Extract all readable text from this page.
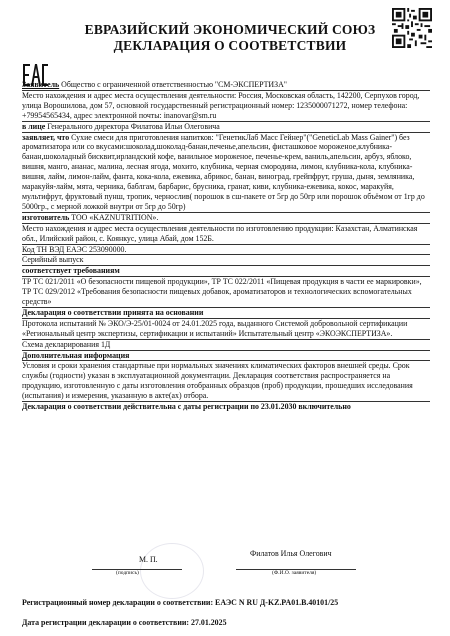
ЕВРАЗИЙСКИЙ ЭКОНОМИЧЕСКИЙ СОЮЗ
ДЕКЛАРАЦИЯ О СООТВЕТСТВИИ
Заявитель Общество с ограниченной ответственностью "СМ-ЭКСПЕРТИЗА"
Место нахождения и адрес места осуществления деятельности: Россия, Московская область, 142200, Серпухов город, улица Ворошилова, дом 57, основной государственный регистрационный номер: 1235000071272, номер телефона: +79954565434, адрес электронной почты: inanovar@sm.ru
в лице Генерального директора Филатова Ильи Олеговича
заявляет, что Сухие смеси для приготовления напитков: "ГенетикЛаб Масс Гейнер"("GeneticLab Mass Gainer") без ароматизатора или со вкусами:шоколад,шоколад-банан,печенье,апельсин, фисташковое мороженое,клубника-банан,шоколадный бисквит,ирландский кофе, ванильное мороженое, печенье-крем, ваниль,апельсин, арбуз, яблоко, вишня, манго, ананас, малина, лесная ягода, мохито, клубника, черная смородина, лимон, клубника-кола, клубника-вишня, лайм, лимон-лайм, фанта, кока-кола, ежевика, абрикос, банан, виноград, грейпфрут, груша, дыня, земляника, маракуйя-лайм, мята, черника, баблгам, барбарис, брусника, гранат, киви, клубника-ежевика, кокос, маракуйя, мультифрут, фруктовый пунш, тропик, чернослив( порошок в сш-пакете от 5гр до 50гр или порошок объёмом от 1гр до 5000гр., с мерной ложкой внутри от 5гр до 50гр)
изготовитель ТОО «KAZNUTRITION».
Место нахождения и адрес места осуществления деятельности по изготовлению продукции: Казахстан, Алматинская обл., Илийский район, с. Коянкус, улица Абай, дом 152Б.
Код ТН ВЭД ЕАЭС 253090000.
Серийный выпуск
соответствует требованиям
ТР ТС 021/2011 «О безопасности пищевой продукции», ТР ТС 022/2011 «Пищевая продукция в части ее маркировки», ТР ТС 029/2012 «Требования безопасности пищевых добавок, ароматизаторов и технологических вспомогательных средств»
Декларация о соответствии принята на основании
Протокола испытаний № ЭКО/Э-25/01-0024 от 24.01.2025 года, выданного Системой добровольной сертификации «Региональный центр экспертизы, сертификации и испытаний» Испытательный центр «ЭКОЭКСПЕРТИЗА».
Схема декларирования 1Д
Дополнительная информация
Условия и сроки хранения стандартные при нормальных значениях климатических факторов внешней среды. Срок службы (годности) указан в эксплуатационной документации. Декларация соответствия распространяется на продукцию, изготовленную с даты изготовления отобранных образцов (проб) продукции, прошедших исследования (испытания) и измерения, указанную в акте(ах) отбора.
Декларация о соответствии действительна с даты регистрации по 23.01.2030 включительно
М. П.
(подпись)
Филатов Илья Олегович
(Ф.И.О. заявителя)
Регистрационный номер декларации о соответствии: ЕАЭС N RU Д-KZ.PA01.B.40101/25
Дата регистрации декларации о соответствии: 27.01.2025
